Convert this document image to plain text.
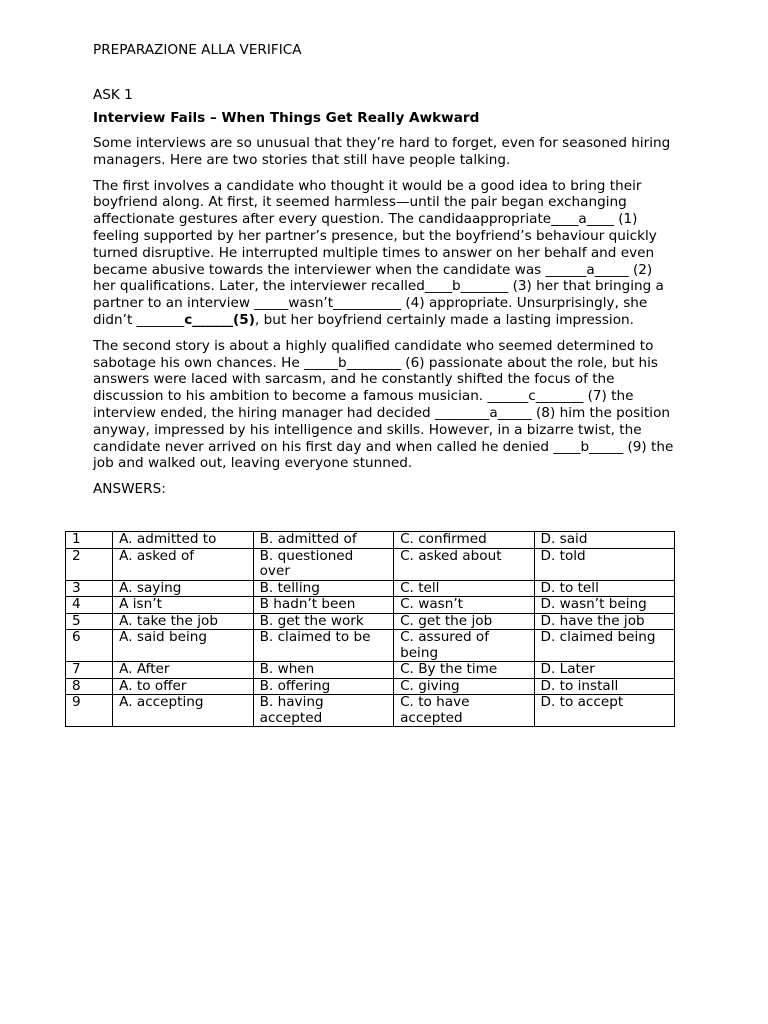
PREPARAZIONE ALLA VERIFICA
ASK 1
Interview Fails – When Things Get Really Awkward

Some interviews are so unusual that they’re hard to forget, even for seasoned hiring managers. Here are two stories that still have people talking.

The first involves a candidate who thought it would be a good idea to bring their boyfriend along. At first, it seemed harmless—until the pair began exchanging affectionate gestures after every question. The candidaappropriate____a____ (1) feeling supported by her partner’s presence, but the boyfriend’s behaviour quickly turned disruptive. He interrupted multiple times to answer on her behalf and even became abusive towards the interviewer when the candidate was ______a_____ (2) her qualifications. Later, the interviewer recalled____b_______ (3) her that bringing a partner to an interview _____wasn’t__________ (4) appropriate. Unsurprisingly, she didn’t _______c______(5), but her boyfriend certainly made a lasting impression.

The second story is about a highly qualified candidate who seemed determined to sabotage his own chances. He _____b________ (6) passionate about the role, but his answers were laced with sarcasm, and he constantly shifted the focus of the discussion to his ambition to become a famous musician. ______c_______ (7) the interview ended, the hiring manager had decided ________a_____ (8) him the position anyway, impressed by his intelligence and skills. However, in a bizarre twist, the candidate never arrived on his first day and when called he denied ____b_____ (9) the job and walked out, leaving everyone stunned.

ANSWERS:
1	A. admitted to	B. admitted of	C. confirmed	D. said
2	A. asked of	B. questioned over	C. asked about	D. told
3	A. saying	B. telling	C. tell	D. to tell
4	A isn’t	B hadn’t been	C. wasn’t	D. wasn’t being
5	A. take the job	B. get the work	C. get the job	D. have the job
6	A. said being	B. claimed to be	C. assured of being	D. claimed being
7	A. After	B. when	C. By the time	D. Later
8	A. to offer	B. offering	C. giving	D. to install
9	A. accepting	B. having accepted	C. to have accepted	D. to accept
